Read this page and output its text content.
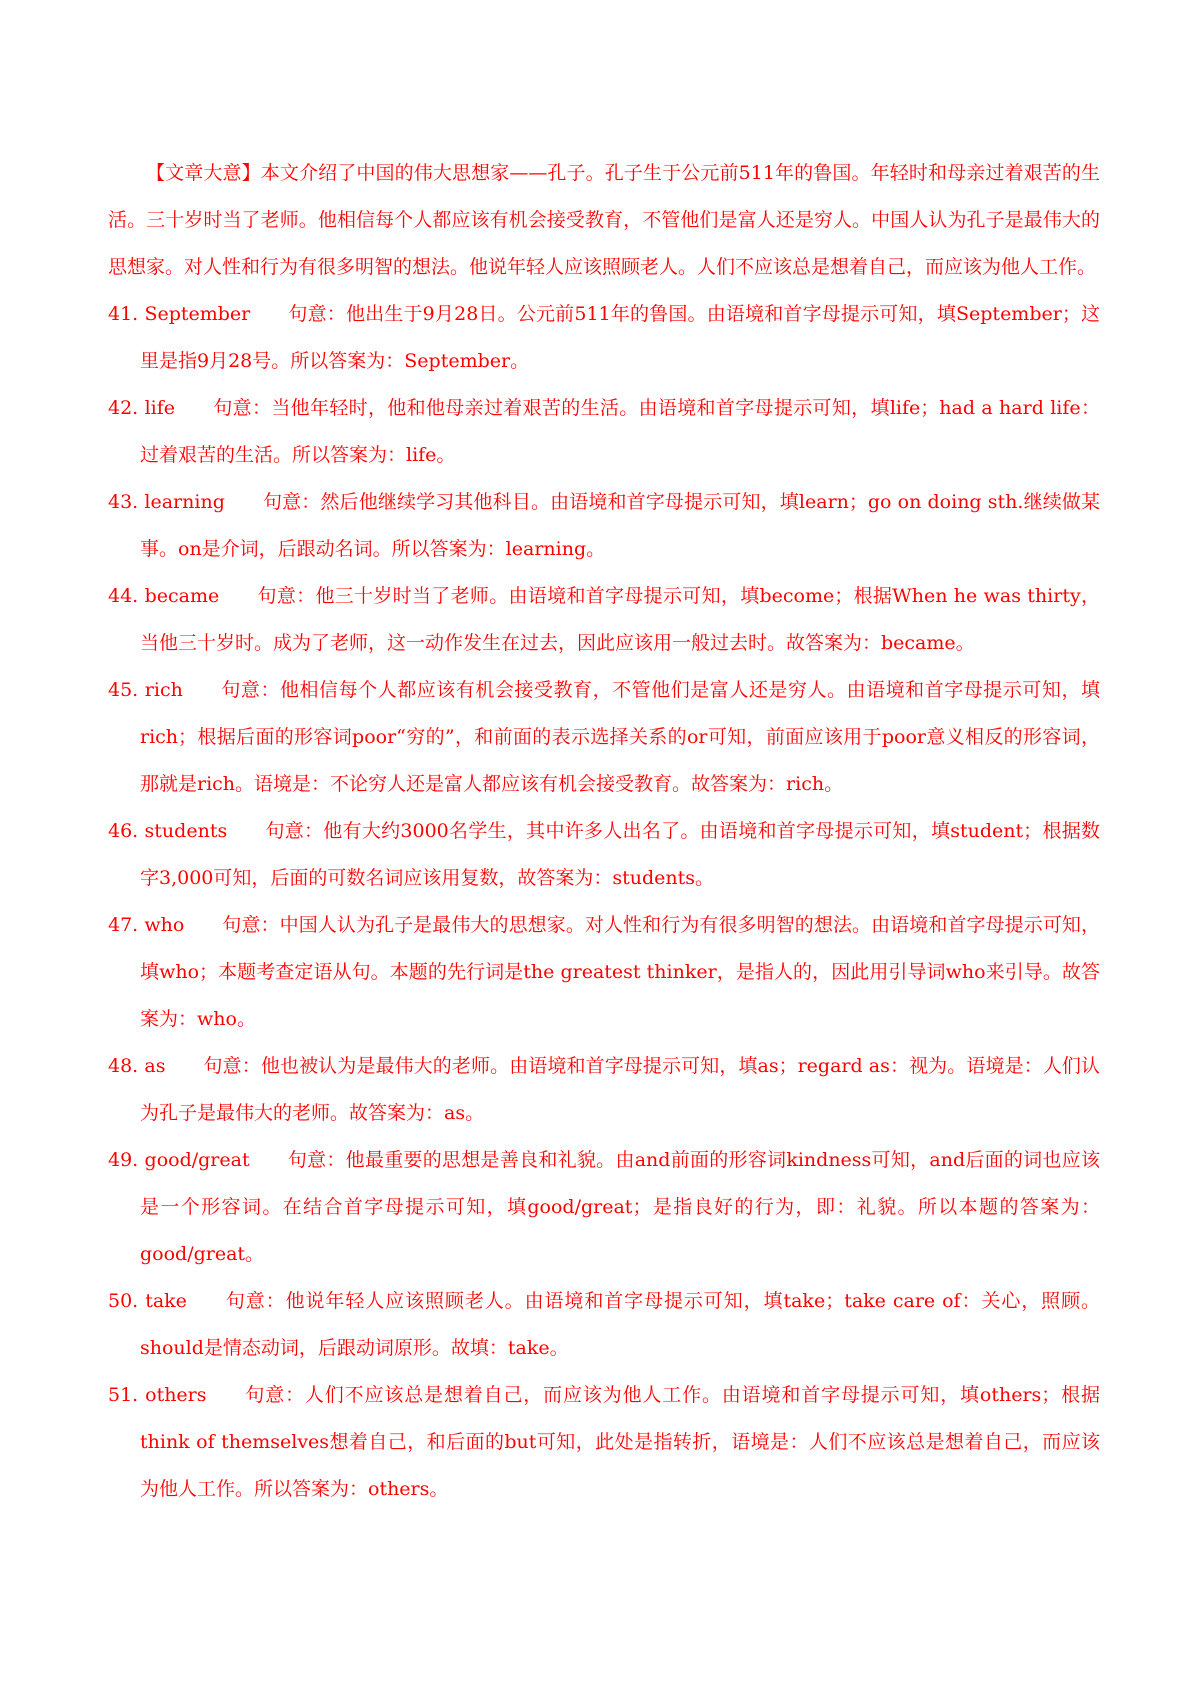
【文章大意】本文介绍了中国的伟大思想家——孔子。孔子生于公元前511年的鲁国。年轻时和母亲过着艰苦的生活。三十岁时当了老师。他相信每个人都应该有机会接受教育，不管他们是富人还是穷人。中国人认为孔子是最伟大的思想家。对人性和行为有很多明智的想法。他说年轻人应该照顾老人。人们不应该总是想着自己，而应该为他人工作。

41. September 句意：他出生于9月28日。公元前511年的鲁国。由语境和首字母提示可知，填September；这里是指9月28号。所以答案为：September。

42. life 句意：当他年轻时，他和他母亲过着艰苦的生活。由语境和首字母提示可知，填life；had a hard life：过着艰苦的生活。所以答案为：life。

43. learning 句意：然后他继续学习其他科目。由语境和首字母提示可知，填learn；go on doing sth.继续做某事。on是介词，后跟动名词。所以答案为：learning。

44. became 句意：他三十岁时当了老师。由语境和首字母提示可知，填become；根据When he was thirty，当他三十岁时。成为了老师，这一动作发生在过去，因此应该用一般过去时。故答案为：became。

45. rich 句意：他相信每个人都应该有机会接受教育，不管他们是富人还是穷人。由语境和首字母提示可知，填rich；根据后面的形容词poor“穷的”，和前面的表示选择关系的or可知，前面应该用于poor意义相反的形容词，那就是rich。语境是：不论穷人还是富人都应该有机会接受教育。故答案为：rich。

46. students 句意：他有大约3000名学生，其中许多人出名了。由语境和首字母提示可知，填student；根据数字3,000可知，后面的可数名词应该用复数，故答案为：students。

47. who 句意：中国人认为孔子是最伟大的思想家。对人性和行为有很多明智的想法。由语境和首字母提示可知，填who；本题考查定语从句。本题的先行词是the greatest thinker，是指人的，因此用引导词who来引导。故答案为：who。

48. as 句意：他也被认为是最伟大的老师。由语境和首字母提示可知，填as；regard as：视为。语境是：人们认为孔子是最伟大的老师。故答案为：as。

49. good/great 句意：他最重要的思想是善良和礼貌。由and前面的形容词kindness可知，and后面的词也应该是一个形容词。在结合首字母提示可知，填good/great；是指良好的行为，即：礼貌。所以本题的答案为：good/great。

50. take 句意：他说年轻人应该照顾老人。由语境和首字母提示可知，填take；take care of：关心，照顾。should是情态动词，后跟动词原形。故填：take。

51. others 句意：人们不应该总是想着自己，而应该为他人工作。由语境和首字母提示可知，填others；根据think of themselves想着自己，和后面的but可知，此处是指转折，语境是：人们不应该总是想着自己，而应该为他人工作。所以答案为：others。
